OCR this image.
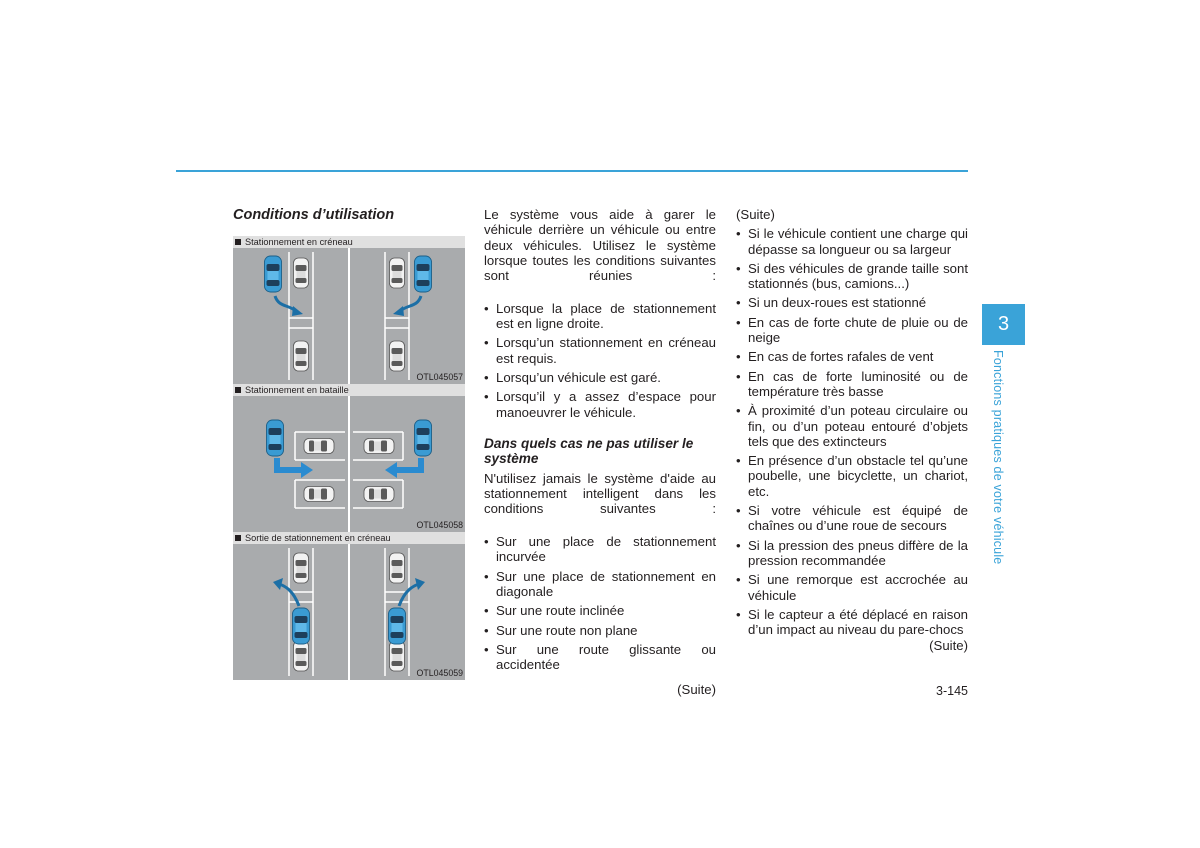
Conditions d’utilisation
Stationnement en créneau
OTL045057
Stationnement en bataille
OTL045058
Sortie de stationnement en créneau
OTL045059

Le système vous aide à garer le véhicule derrière un véhicule ou entre deux véhicules. Utilisez le système lorsque toutes les conditions suivantes sont réunies :

• Lorsque la place de stationnement est en ligne droite.
• Lorsqu’un stationnement en créneau est requis.
• Lorsqu’un véhicule est garé.
• Lorsqu’il y a assez d’espace pour manoeuvrer le véhicule.
Dans quels cas ne pas utiliser le système

N'utilisez jamais le système d'aide au stationnement intelligent dans les conditions suivantes :

• Sur une place de stationnement incurvée
• Sur une place de stationnement en diagonale
• Sur une route inclinée
• Sur une route non plane
• Sur une route glissante ou accidentée

(Suite)

(Suite)

• Si le véhicule contient une charge qui dépasse sa longueur ou sa largeur
• Si des véhicules de grande taille sont stationnés (bus, camions...)
• Si un deux-roues est stationné
• En cas de forte chute de pluie ou de neige
• En cas de fortes rafales de vent
• En cas de forte luminosité ou de température très basse
• À proximité d’un poteau circulaire ou fin, ou d’un poteau entouré d’objets tels que des extincteurs
• En présence d’un obstacle tel qu’une poubelle, une bicyclette, un chariot, etc.
• Si votre véhicule est équipé de chaînes ou d’une roue de secours
• Si la pression des pneus diffère de la pression recommandée
• Si une remorque est accrochée au véhicule
• Si le capteur a été déplacé en raison d’un impact au niveau du pare-chocs

(Suite)

3
Fonctions pratiques de votre véhicule
3-145
